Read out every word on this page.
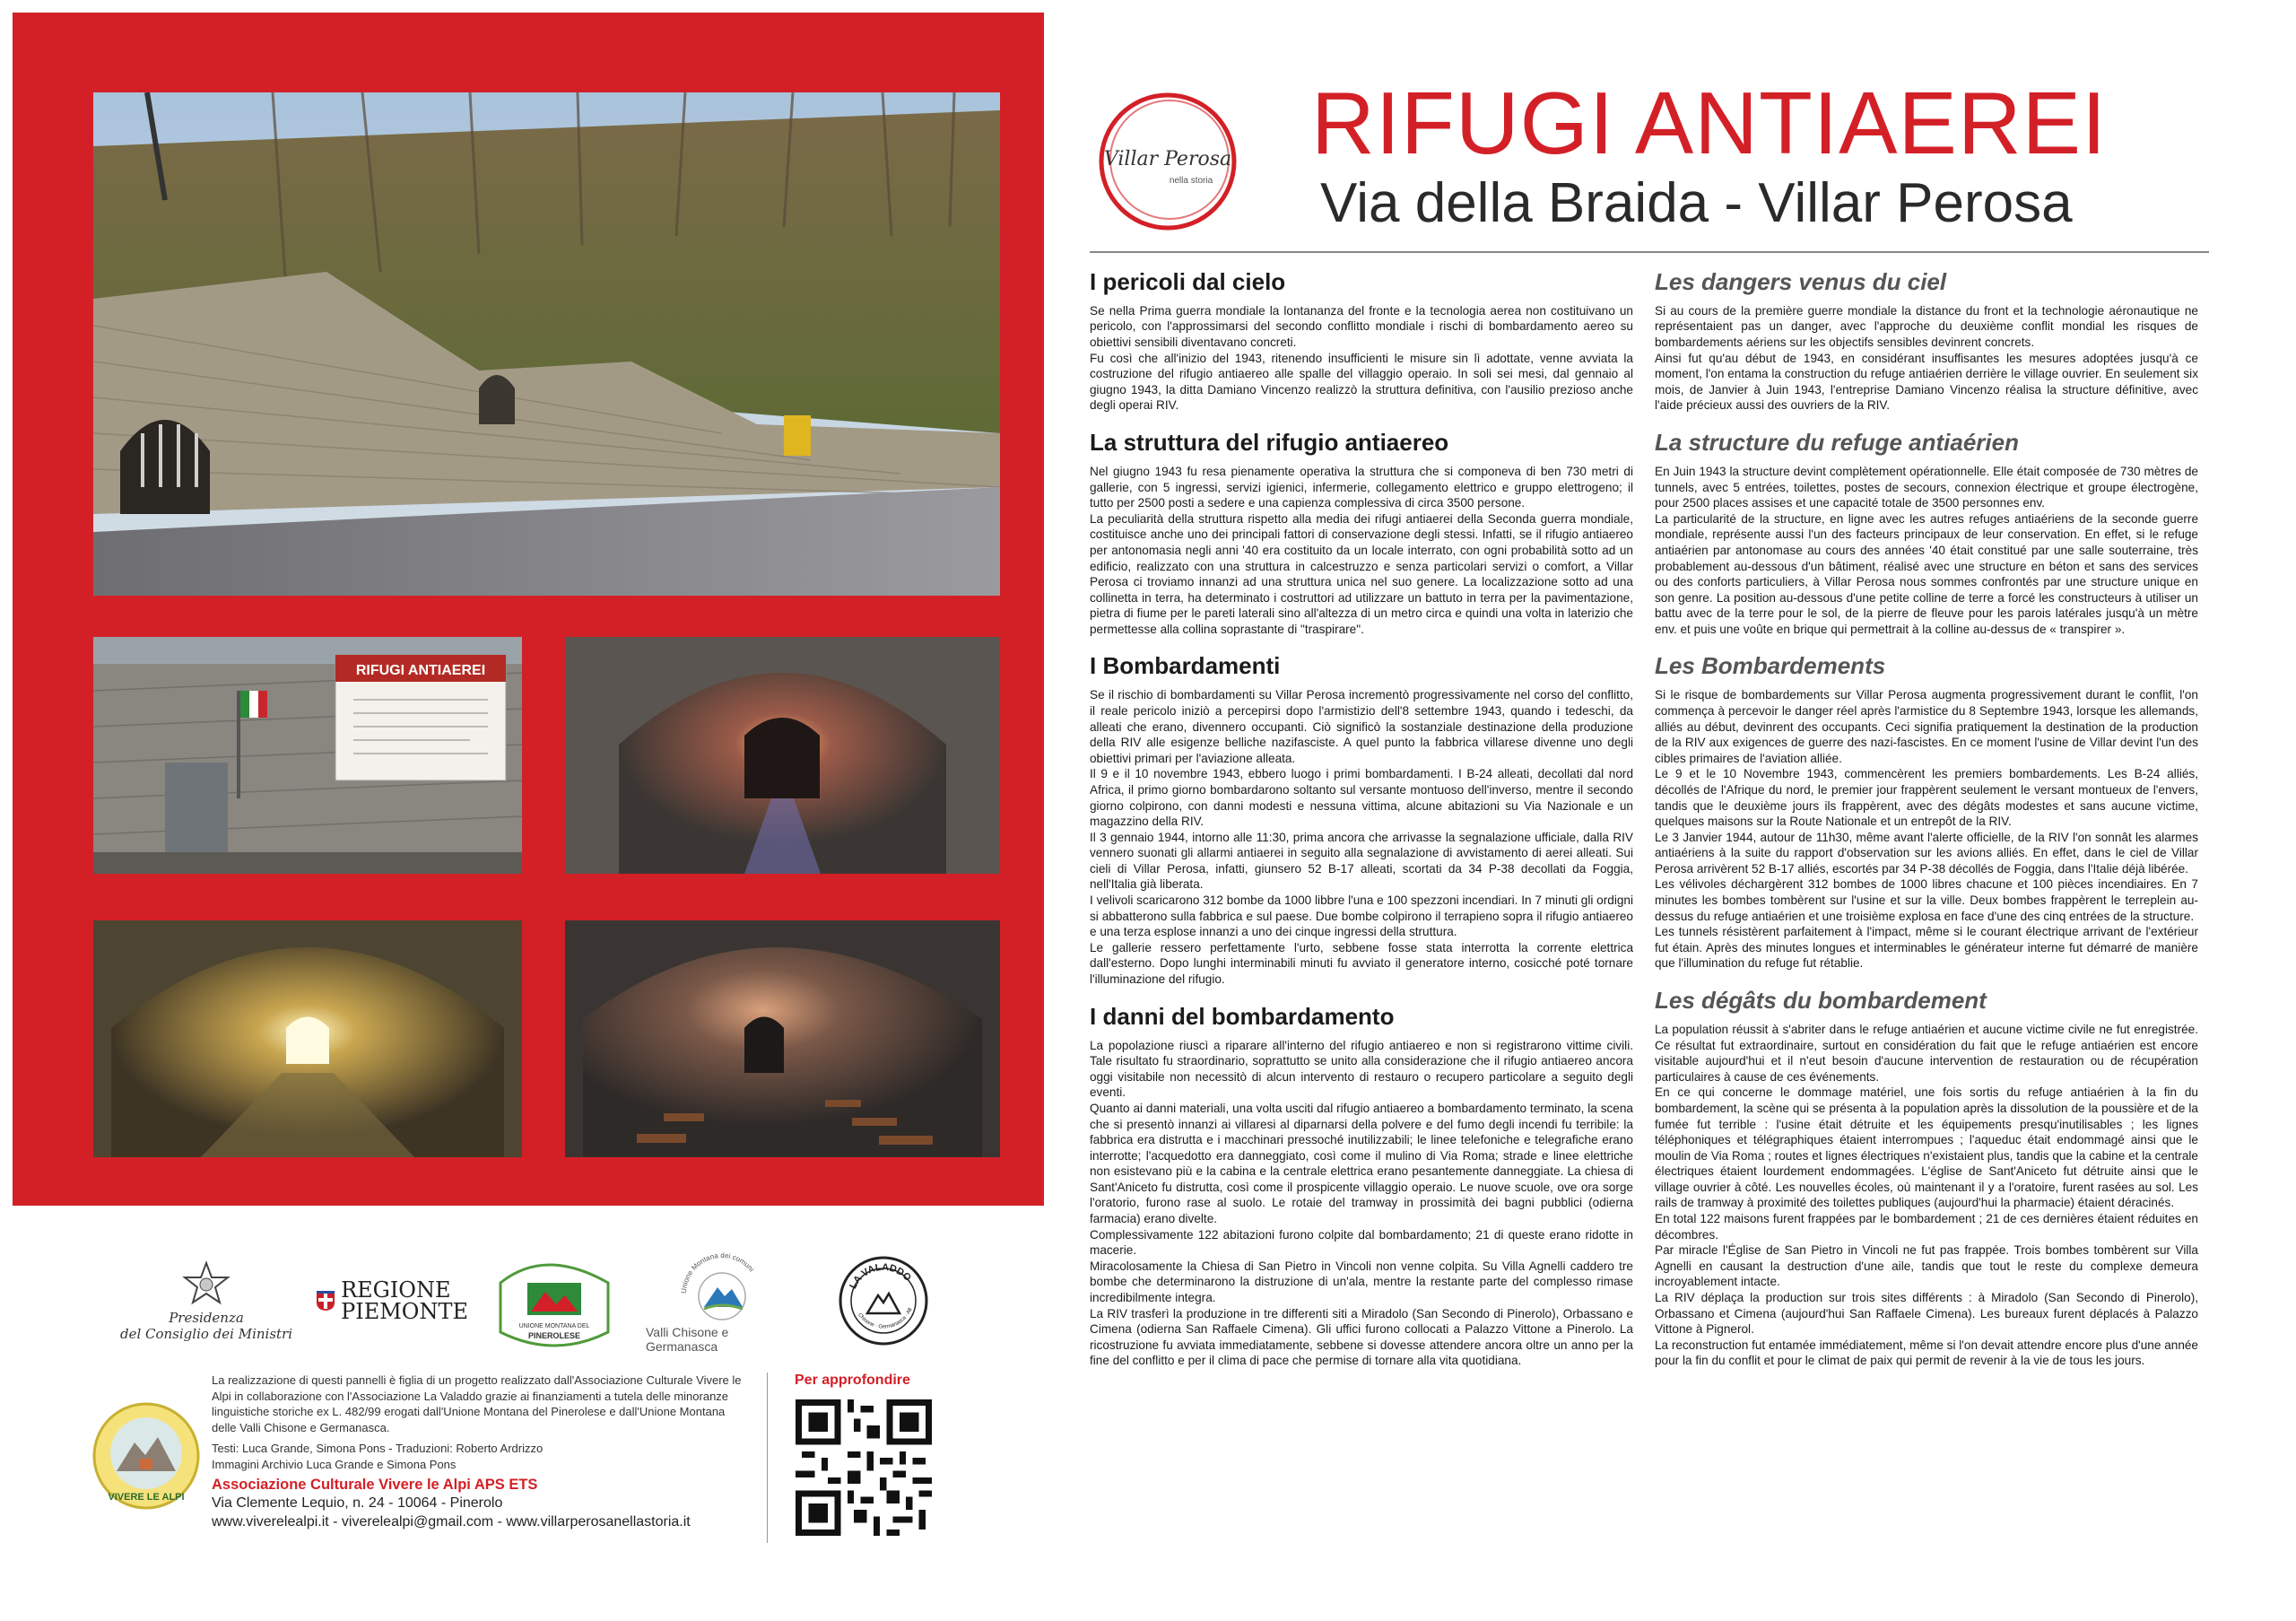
RIFUGI ANTIAEREI
Villar Perosa
nella storia
RIFUGI ANTIAEREI
Via della Braida - Villar Perosa
I pericoli dal cielo

Se nella Prima guerra mondiale la lontananza del fronte e la tecnologia aerea non costituivano un pericolo, con l'approssimarsi del secondo conflitto mondiale i rischi di bombardamento aereo su obiettivi sensibili diventavano concreti.
Fu così che all'inizio del 1943, ritenendo insufficienti le misure sin lì adottate, venne avviata la costruzione del rifugio antiaereo alle spalle del villaggio operaio. In soli sei mesi, dal gennaio al giugno 1943, la ditta Damiano Vincenzo realizzò la struttura definitiva, con l'ausilio prezioso anche degli operai RIV.

La struttura del rifugio antiaereo

Nel giugno 1943 fu resa pienamente operativa la struttura che si componeva di ben 730 metri di gallerie, con 5 ingressi, servizi igienici, infermerie, collegamento elettrico e gruppo elettrogeno; il tutto per 2500 posti a sedere e una capienza complessiva di circa 3500 persone.
La peculiarità della struttura rispetto alla media dei rifugi antiaerei della Seconda guerra mondiale, costituisce anche uno dei principali fattori di conservazione degli stessi. Infatti, se il rifugio antiaereo per antonomasia negli anni '40 era costituito da un locale interrato, con ogni probabilità sotto ad un edificio, realizzato con una struttura in calcestruzzo e senza particolari servizi o comfort, a Villar Perosa ci troviamo innanzi ad una struttura unica nel suo genere. La localizzazione sotto ad una collinetta in terra, ha determinato i costruttori ad utilizzare un battuto in terra per la pavimentazione, pietra di fiume per le pareti laterali sino all'altezza di un metro circa e quindi una volta in laterizio che permettesse alla collina soprastante di "traspirare".

I Bombardamenti

Se il rischio di bombardamenti su Villar Perosa incrementò progressivamente nel corso del conflitto, il reale pericolo iniziò a percepirsi dopo l'armistizio dell'8 settembre 1943, quando i tedeschi, da alleati che erano, divennero occupanti. Ciò significò la sostanziale destinazione della produzione della RIV alle esigenze belliche nazifasciste. A quel punto la fabbrica villarese divenne uno degli obiettivi primari per l'aviazione alleata.
Il 9 e il 10 novembre 1943, ebbero luogo i primi bombardamenti. I B-24 alleati, decollati dal nord Africa, il primo giorno bombardarono soltanto sul versante montuoso dell'inverso, mentre il secondo giorno colpirono, con danni modesti e nessuna vittima, alcune abitazioni su Via Nazionale e un magazzino della RIV.
Il 3 gennaio 1944, intorno alle 11:30, prima ancora che arrivasse la segnalazione ufficiale, dalla RIV vennero suonati gli allarmi antiaerei in seguito alla segnalazione di avvistamento di aerei alleati. Sui cieli di Villar Perosa, infatti, giunsero 52 B-17 alleati, scortati da 34 P-38 decollati da Foggia, nell'Italia già liberata.
I velivoli scaricarono 312 bombe da 1000 libbre l'una e 100 spezzoni incendiari. In 7 minuti gli ordigni si abbatterono sulla fabbrica e sul paese. Due bombe colpirono il terrapieno sopra il rifugio antiaereo e una terza esplose innanzi a uno dei cinque ingressi della struttura.
Le gallerie ressero perfettamente l'urto, sebbene fosse stata interrotta la corrente elettrica dall'esterno. Dopo lunghi interminabili minuti fu avviato il generatore interno, cosicché poté tornare l'illuminazione del rifugio.

I danni del bombardamento

La popolazione riuscì a riparare all'interno del rifugio antiaereo e non si registrarono vittime civili. Tale risultato fu straordinario, soprattutto se unito alla considerazione che il rifugio antiaereo ancora oggi visitabile non necessitò di alcun intervento di restauro o recupero particolare a seguito degli eventi.
Quanto ai danni materiali, una volta usciti dal rifugio antiaereo a bombardamento terminato, la scena che si presentò innanzi ai villaresi al diparnarsi della polvere e del fumo degli incendi fu terribile: la fabbrica era distrutta e i macchinari pressoché inutilizzabili; le linee telefoniche e telegrafiche erano interrotte; l'acquedotto era danneggiato, così come il mulino di Via Roma; strade e linee elettriche non esistevano più e la cabina e la centrale elettrica erano pesantemente danneggiate. La chiesa di Sant'Aniceto fu distrutta, così come il prospicente villaggio operaio. Le nuove scuole, ove ora sorge l'oratorio, furono rase al suolo. Le rotaie del tramway in prossimità dei bagni pubblici (odierna farmacia) erano divelte.
Complessivamente 122 abitazioni furono colpite dal bombardamento; 21 di queste erano ridotte in macerie.
Miracolosamente la Chiesa di San Pietro in Vincoli non venne colpita. Su Villa Agnelli caddero tre bombe che determinarono la distruzione di un'ala, mentre la restante parte del complesso rimase incredibilmente integra.
La RIV trasferì la produzione in tre differenti siti a Miradolo (San Secondo di Pinerolo), Orbassano e Cimena (odierna San Raffaele Cimena). Gli uffici furono collocati a Palazzo Vittone a Pinerolo. La ricostruzione fu avviata immediatamente, sebbene si dovesse attendere ancora oltre un anno per la fine del conflitto e per il clima di pace che permise di tornare alla vita quotidiana.

Les dangers venus du ciel

Si au cours de la première guerre mondiale la distance du front et la technologie aéronautique ne représentaient pas un danger, avec l'approche du deuxième conflit mondial les risques de bombardements aériens sur les objectifs sensibles devinrent concrets.
Ainsi fut qu'au début de 1943, en considérant insuffisantes les mesures adoptées jusqu'à ce moment, l'on entama la construction du refuge antiaérien derrière le village ouvrier. En seulement six mois, de Janvier à Juin 1943, l'entreprise Damiano Vincenzo réalisa la structure définitive, avec l'aide précieux aussi des ouvriers de la RIV.

La structure du refuge antiaérien

En Juin 1943 la structure devint complètement opérationnelle. Elle était composée de 730 mètres de tunnels, avec 5 entrées, toilettes, postes de secours, connexion électrique et groupe électrogène, pour 2500 places assises et une capacité totale de 3500 personnes env.
La particularité de la structure, en ligne avec les autres refuges antiaériens de la seconde guerre mondiale, représente aussi l'un des facteurs principaux de leur conservation. En effet, si le refuge antiaérien par antonomase au cours des années '40 était constitué par une salle souterraine, très probablement au-dessous d'un bâtiment, réalisé avec une structure en béton et sans des services ou des conforts particuliers, à Villar Perosa nous sommes confrontés par une structure unique en son genre. La position au-dessous d'une petite colline de terre a forcé les constructeurs à utiliser un battu avec de la terre pour le sol, de la pierre de fleuve pour les parois latérales jusqu'à un mètre env. et puis une voûte en brique qui permettrait à la colline au-dessus de « transpirer ».

Les Bombardements

Si le risque de bombardements sur Villar Perosa augmenta progressivement durant le conflit, l'on commença à percevoir le danger réel après l'armistice du 8 Septembre 1943, lorsque les allemands, alliés au début, devinrent des occupants. Ceci signifia pratiquement la destination de la production de la RIV aux exigences de guerre des nazi-fascistes. En ce moment l'usine de Villar devint l'un des cibles primaires de l'aviation alliée.
Le 9 et le 10 Novembre 1943, commencèrent les premiers bombardements. Les B-24 alliés, décollés de l'Afrique du nord, le premier jour frappèrent seulement le versant montueux de l'envers, tandis que le deuxième jours ils frappèrent, avec des dégâts modestes et sans aucune victime, quelques maisons sur la Route Nationale et un entrepôt de la RIV.
Le 3 Janvier 1944, autour de 11h30, même avant l'alerte officielle, de la RIV l'on sonnât les alarmes antiaériens à la suite du rapport d'observation sur les avions alliés. En effet, dans le ciel de Villar Perosa arrivèrent 52 B-17 alliés, escortés par 34 P-38 décollés de Foggia, dans l'Italie déjà libérée.
Les vélivoles déchargèrent 312 bombes de 1000 libres chacune et 100 pièces incendiaires. En 7 minutes les bombes tombèrent sur l'usine et sur la ville. Deux bombes frappèrent le terreplein au-dessus du refuge antiaérien et une troisième explosa en face d'une des cinq entrées de la structure.
Les tunnels résistèrent parfaitement à l'impact, même si le courant électrique arrivant de l'extérieur fut étain. Après des minutes longues et interminables le générateur interne fut démarré de manière que l'illumination du refuge fut rétablie.

Les dégâts du bombardement

La population réussit à s'abriter dans le refuge antiaérien et aucune victime civile ne fut enregistrée. Ce résultat fut extraordinaire, surtout en considération du fait que le refuge antiaérien est encore visitable aujourd'hui et il n'eut besoin d'aucune intervention de restauration ou de récupération particulaires à cause de ces événements.
En ce qui concerne le dommage matériel, une fois sortis du refuge antiaérien à la fin du bombardement, la scène qui se présenta à la population après la dissolution de la poussière et de la fumée fut terrible : l'usine était détruite et les équipements presqu'inutilisables ; les lignes téléphoniques et télégraphiques étaient interrompues ; l'aqueduc était endommagé ainsi que le moulin de Via Roma ; routes et lignes électriques n'existaient plus, tandis que la cabine et la centrale électriques étaient lourdement endommagées. L'église de Sant'Aniceto fut détruite ainsi que le village ouvrier à côté. Les nouvelles écoles, où maintenant il y a l'oratoire, furent rasées au sol. Les rails de tramway à proximité des toilettes publiques (aujourd'hui la pharmacie) étaient déracinés.
En total 122 maisons furent frappées par le bombardement ; 21 de ces dernières étaient réduites en décombres.
Par miracle l'Église de San Pietro in Vincoli ne fut pas frappée. Trois bombes tombèrent sur Villa Agnelli en causant la destruction d'une aile, tandis que tout le reste du complexe demeura incroyablement intacte.
La RIV déplaça la production sur trois sites différents : à Miradolo (San Secondo di Pinerolo), Orbassano et Cimena (aujourd'hui San Raffaele Cimena). Les bureaux furent déplacés à Palazzo Vittone à Pignerol.
La reconstruction fut entamée immédiatement, même si l'on devait attendre encore plus d'une année pour la fin du conflit et pour le climat de paix qui permit de revenir à la vie de tous les jours.

Presidenza
del Consiglio dei Ministri
REGIONE
PIEMONTE
UNIONE MONTANA DEL
PINEROLESE
Unione Montana dei comuni
Valli Chisone e Germanasca
LA VALADDO
Chisone · Germanasca · Alt
VIVERE LE ALPI
La realizzazione di questi pannelli è figlia di un progetto realizzato dall'Associazione Culturale Vivere le Alpi in collaborazione con l'Associazione La Valaddo grazie ai finanziamenti a tutela delle minoranze linguistiche storiche ex L. 482/99 erogati dall'Unione Montana del Pinerolese e dall'Unione Montana delle Valli Chisone e Germanasca.
Testi: Luca Grande, Simona Pons - Traduzioni: Roberto Ardrizzo
Immagini Archivio Luca Grande e Simona Pons
Associazione Culturale Vivere le Alpi APS ETS
Via Clemente Lequio, n. 24 - 10064 - Pinerolo
www.viverelealpi.it - viverelealpi@gmail.com - www.villarperosanellastoria.it
Per approfondire
